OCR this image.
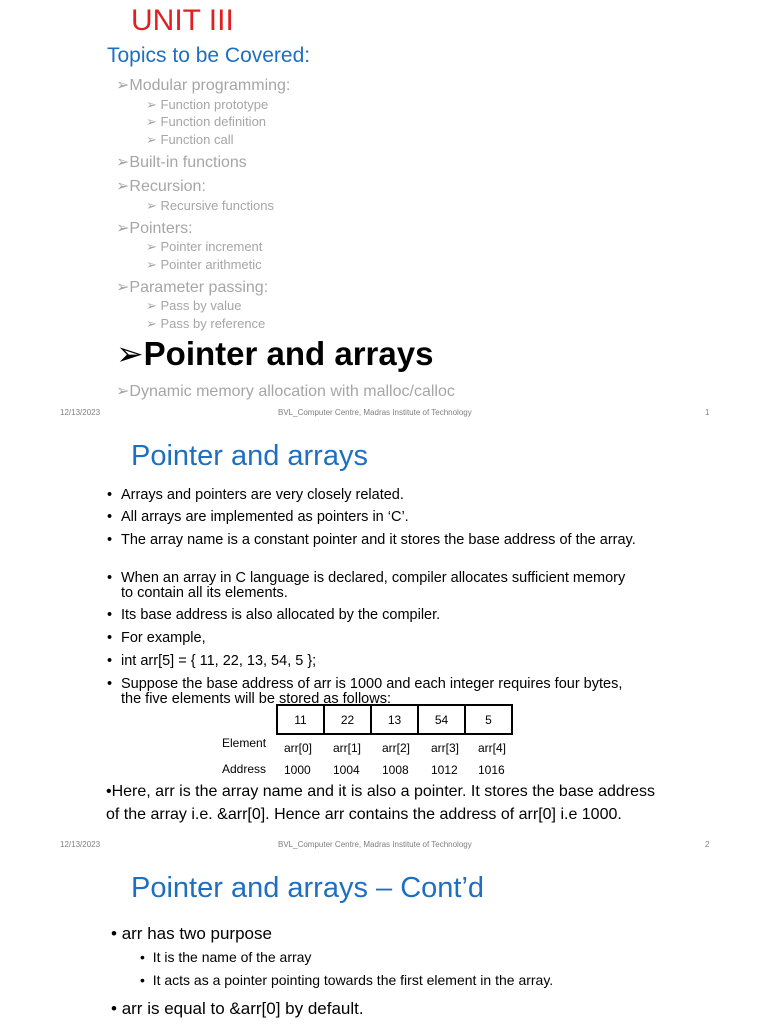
UNIT III
Topics to be Covered:
➢Modular programming:
➢ Function prototype
➢ Function definition
➢ Function call
➢Built-in functions
➢Recursion:
➢ Recursive functions
➢Pointers:
➢ Pointer increment
➢ Pointer arithmetic
➢Parameter passing:
➢ Pass by value
➢ Pass by reference
➢Pointer and arrays
➢Dynamic memory allocation with malloc/calloc
12/13/2023	BVL_Computer Centre, Madras Institute of Technology	1
Pointer and arrays
• Arrays and pointers are very closely related.
• All arrays are implemented as pointers in ‘C’.
• The array name is a constant pointer and it stores the base address of the array.
• When an array in C language is declared, compiler allocates sufficient memory to contain all its elements.
• Its base address is also allocated by the compiler.
• For example,
• int arr[5] = { 11, 22, 13, 54, 5 };
• Suppose the base address of arr is 1000 and each integer requires four bytes, the five elements will be stored as follows:
11	22	13	54	5
Element arr[0] arr[1] arr[2] arr[3] arr[4]
Address 1000 1004 1008 1012 1016
•Here, arr is the array name and it is also a pointer. It stores the base address of the array i.e. &arr[0]. Hence arr contains the address of arr[0] i.e 1000.
12/13/2023	BVL_Computer Centre, Madras Institute of Technology	2
Pointer and arrays – Cont’d
• arr has two purpose
•  It is the name of the array
•  It acts as a pointer pointing towards the first element in the array.
• arr is equal to &arr[0] by default.
